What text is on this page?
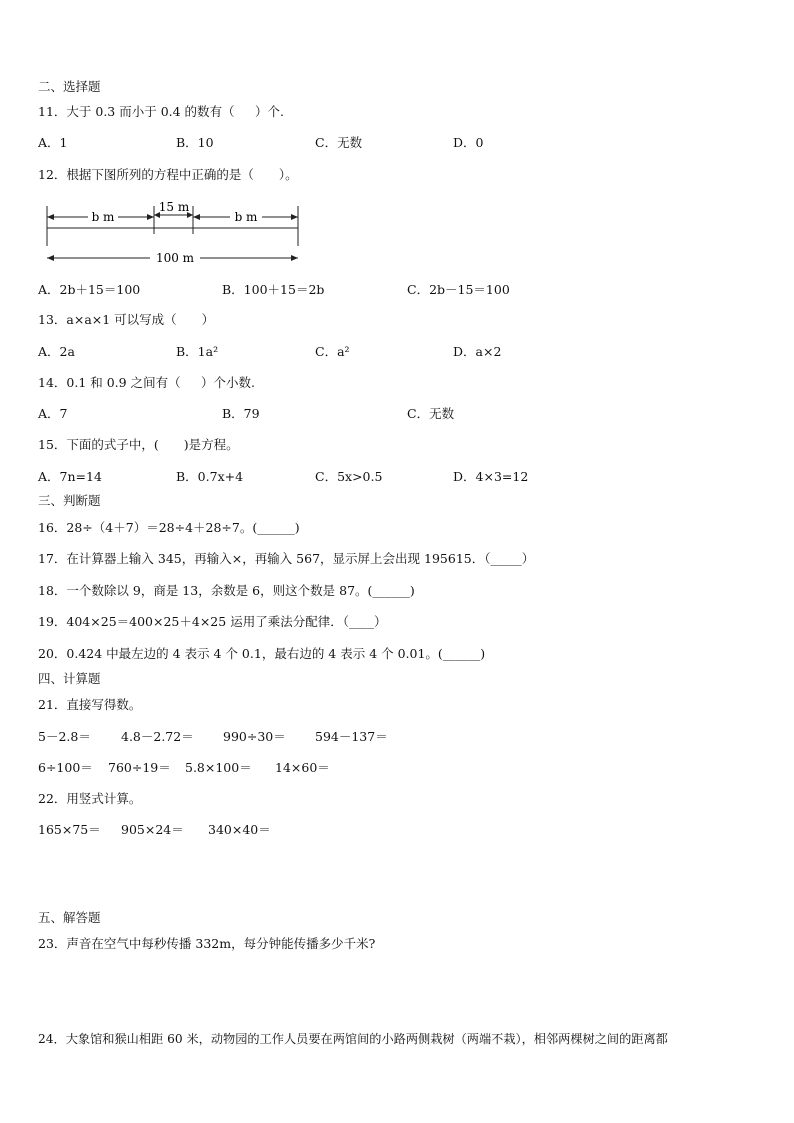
二、选择题
11．大于 0.3 而小于 0.4 的数有（　  ）个.
A．1	B．10	C．无数	D．0
12．根据下图所列的方程中正确的是（　　）。
b m
15 m
b m
100 m
A．2b＋15＝100	B．100＋15＝2b	C．2b－15＝100
13．a×a×1 可以写成（　　）
A．2a	B．1a²	C．a²	D．a×2
14．0.1 和 0.9 之间有（　  ）个小数.
A．7	B．79	C．无数
15．下面的式子中，(　　)是方程。
A．7n=14	B．0.7x+4	C．5x>0.5	D．4×3=12
三、判断题
16．28÷（4＋7）＝28÷4＋28÷7。(______)
17．在计算器上输入 345，再输入×，再输入 567，显示屏上会出现 195615．（_____）
18．一个数除以 9，商是 13，余数是 6，则这个数是 87。(______)
19．404×25＝400×25＋4×25 运用了乘法分配律．（____）
20．0.424 中最左边的 4 表示 4 个 0.1，最右边的 4 表示 4 个 0.01。(______)
四、计算题
21．直接写得数。
5－2.8＝ 4.8－2.72＝ 990÷30＝ 594－137＝
6÷100＝ 760÷19＝ 5.8×100＝ 14×60＝
22．用竖式计算。
165×75＝ 905×24＝ 340×40＝
五、解答题
23．声音在空气中每秒传播 332m，每分钟能传播多少千米?
24．大象馆和猴山相距 60 米，动物园的工作人员要在两馆间的小路两侧栽树（两端不栽），相邻两棵树之间的距离都
